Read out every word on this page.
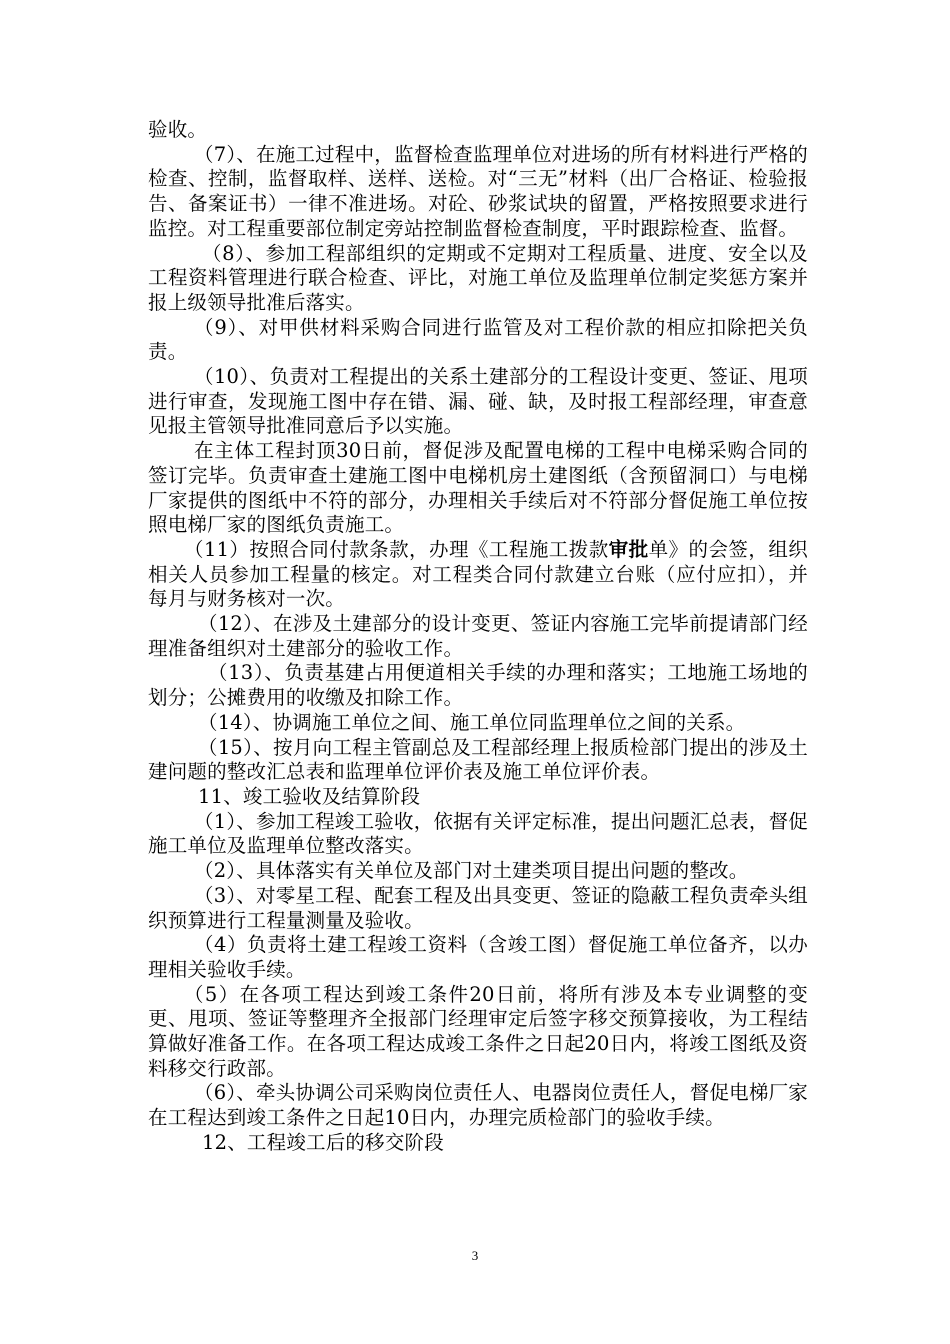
验收。

（7）、在施工过程中，监督检查监理单位对进场的所有材料进行严格的检查、控制，监督取样、送样、送检。对“三无”材料（出厂合格证、检验报告、备案证书）一律不准进场。对砼、砂浆试块的留置，严格按照要求进行监控。对工程重要部位制定旁站控制监督检查制度，平时跟踪检查、监督。

（8）、参加工程部组织的定期或不定期对工程质量、进度、安全以及工程资料管理进行联合检查、评比，对施工单位及监理单位制定奖惩方案并报上级领导批准后落实。

（9）、对甲供材料采购合同进行监管及对工程价款的相应扣除把关负责。

（10）、负责对工程提出的关系土建部分的工程设计变更、签证、甩项进行审查，发现施工图中存在错、漏、碰、缺，及时报工程部经理，审查意见报主管领导批准同意后予以实施。

在主体工程封顶30日前，督促涉及配置电梯的工程中电梯采购合同的签订完毕。负责审查土建施工图中电梯机房土建图纸（含预留洞口）与电梯厂家提供的图纸中不符的部分，办理相关手续后对不符部分督促施工单位按照电梯厂家的图纸负责施工。

（11）按照合同付款条款，办理《工程施工拨款审批单》的会签，组织相关人员参加工程量的核定。对工程类合同付款建立台账（应付应扣），并每月与财务核对一次。

（12）、在涉及土建部分的设计变更、签证内容施工完毕前提请部门经理准备组织对土建部分的验收工作。

（13）、负责基建占用便道相关手续的办理和落实；工地施工场地的划分；公摊费用的收缴及扣除工作。

（14）、协调施工单位之间、施工单位同监理单位之间的关系。

（15）、按月向工程主管副总及工程部经理上报质检部门提出的涉及土建问题的整改汇总表和监理单位评价表及施工单位评价表。

11、竣工验收及结算阶段

（1）、参加工程竣工验收，依据有关评定标准，提出问题汇总表，督促施工单位及监理单位整改落实。

（2）、具体落实有关单位及部门对土建类项目提出问题的整改。

（3）、对零星工程、配套工程及出具变更、签证的隐蔽工程负责牵头组织预算进行工程量测量及验收。

（4）负责将土建工程竣工资料（含竣工图）督促施工单位备齐，以办理相关验收手续。

（5）在各项工程达到竣工条件20日前，将所有涉及本专业调整的变更、甩项、签证等整理齐全报部门经理审定后签字移交预算接收，为工程结算做好准备工作。在各项工程达成竣工条件之日起20日内，将竣工图纸及资料移交行政部。

（6）、牵头协调公司采购岗位责任人、电器岗位责任人，督促电梯厂家在工程达到竣工条件之日起10日内，办理完质检部门的验收手续。

12、工程竣工后的移交阶段

3
